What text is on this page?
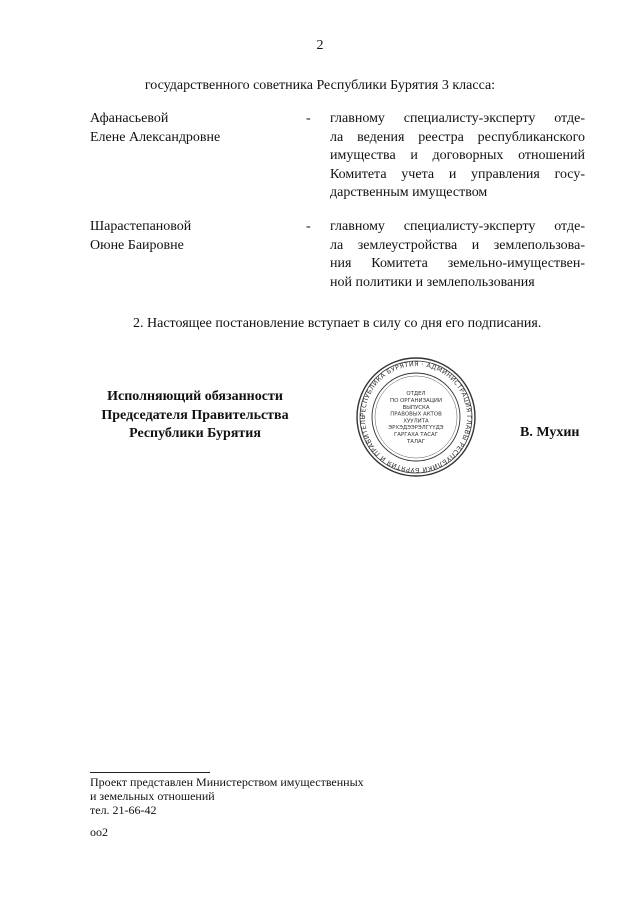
2
государственного советника Республики Бурятия 3 класса:
Афанасьевой
Елене Александровне
- главному специалисту-эксперту отде-
ла ведения реестра республиканского
имущества и договорных отношений
Комитета учета и управления госу-
дарственным имуществом
Шарастепановой
Оюне Баировне
- главному специалисту-эксперту отде-
ла землеустройства и землепользова-
ния Комитета земельно-имуществен-
ной политики и землепользования
2. Настоящее постановление вступает в силу со дня его подписания.
Исполняющий обязанности
Председателя Правительства
Республики Бурятия
РЕСПУБЛИКА БУРЯТИЯ · АДМИНИСТРАЦИЯ ГЛАВЫ РЕСПУБЛИКИ БУРЯТИЯ И ПРАВИТЕЛЬ
ОТДЕЛ
ПО ОРГАНИЗАЦИИ
ВЫПУСКА
ПРАВОВЫХ АКТОВ
ХУУЛИТА
ЭРХЭДЭЭРЭЛГҮҮДЭ
ГАРГАХА ТАСАГ
ТАЛАГ
В. Мухин
Проект представлен Министерством имущественных
и земельных отношений
тел. 21-66-42
оо2
